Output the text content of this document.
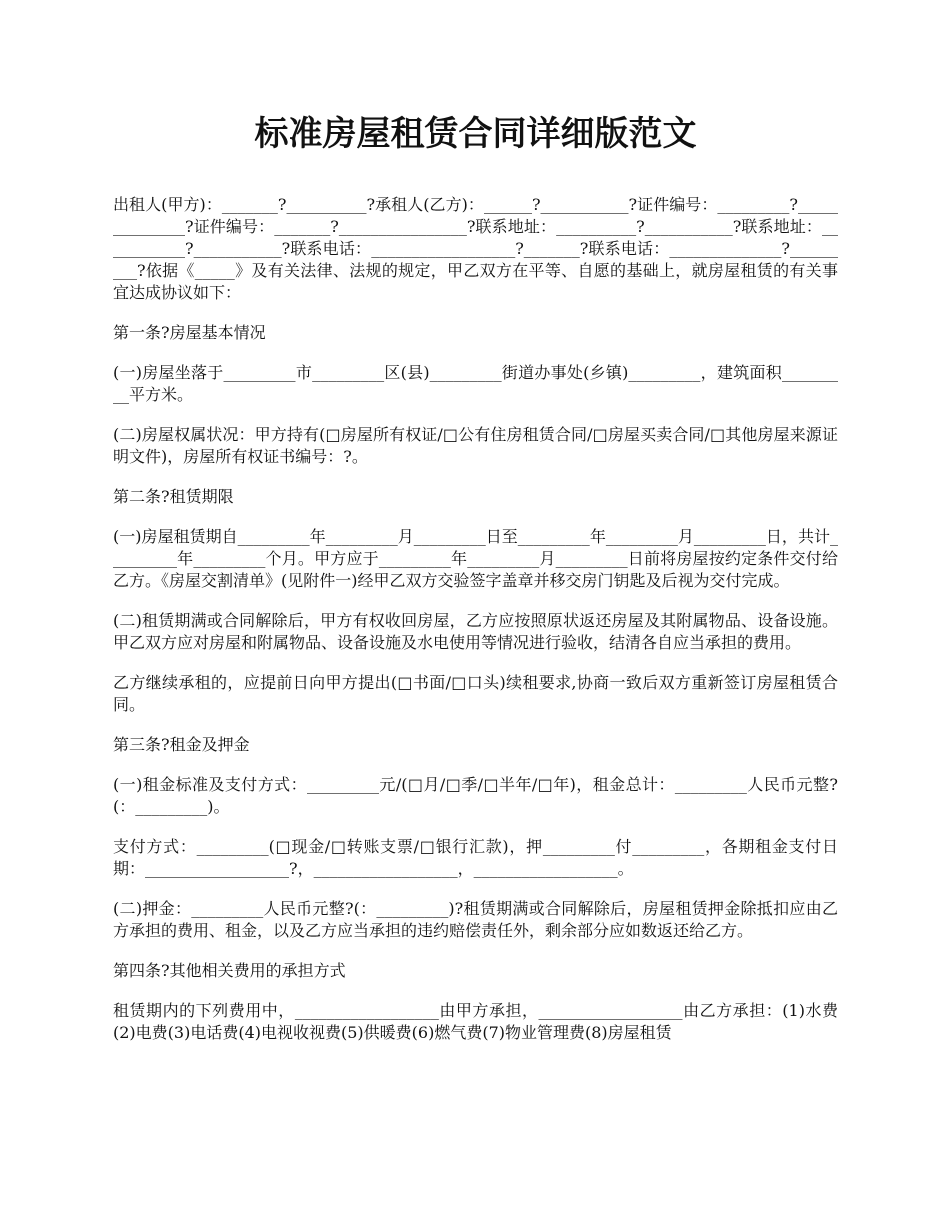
标准房屋租赁合同详细版范文

出租人(甲方)：_______?__________?承租人(乙方)：______?___________?证件编号：_________?______________?证件编号：_______?________________?联系地址：__________?___________?联系地址：___________?___________?联系电话：__________________?_______?联系电话：______________?_________?依据《_____》及有关法律、法规的规定，甲乙双方在平等、自愿的基础上，就房屋租赁的有关事宜达成协议如下：

第一条?房屋基本情况

(一)房屋坐落于_________市_________区(县)_________街道办事处(乡镇)_________，建筑面积_________平方米。

(二)房屋权属状况：甲方持有(□房屋所有权证/□公有住房租赁合同/□房屋买卖合同/□其他房屋来源证明文件)，房屋所有权证书编号：?。

第二条?租赁期限

(一)房屋租赁期自_________年_________月_________日至_________年_________月_________日，共计_________年_________个月。甲方应于_________年_________月_________日前将房屋按约定条件交付给乙方。《房屋交割清单》(见附件一)经甲乙双方交验签字盖章并移交房门钥匙及后视为交付完成。

(二)租赁期满或合同解除后，甲方有权收回房屋，乙方应按照原状返还房屋及其附属物品、设备设施。甲乙双方应对房屋和附属物品、设备设施及水电使用等情况进行验收，结清各自应当承担的费用。

乙方继续承租的，应提前日向甲方提出(□书面/□口头)续租要求,协商一致后双方重新签订房屋租赁合同。

第三条?租金及押金

(一)租金标准及支付方式：_________元/(□月/□季/□半年/□年)，租金总计：_________人民币元整?(：_________)。

支付方式：_________(□现金/□转账支票/□银行汇款)，押_________付_________，各期租金支付日期：__________________?，__________________，__________________。

(二)押金：_________人民币元整?(：_________)?租赁期满或合同解除后，房屋租赁押金除抵扣应由乙方承担的费用、租金，以及乙方应当承担的违约赔偿责任外，剩余部分应如数返还给乙方。

第四条?其他相关费用的承担方式

租赁期内的下列费用中，__________________由甲方承担，__________________由乙方承担：(1)水费(2)电费(3)电话费(4)电视收视费(5)供暖费(6)燃气费(7)物业管理费(8)房屋租赁
